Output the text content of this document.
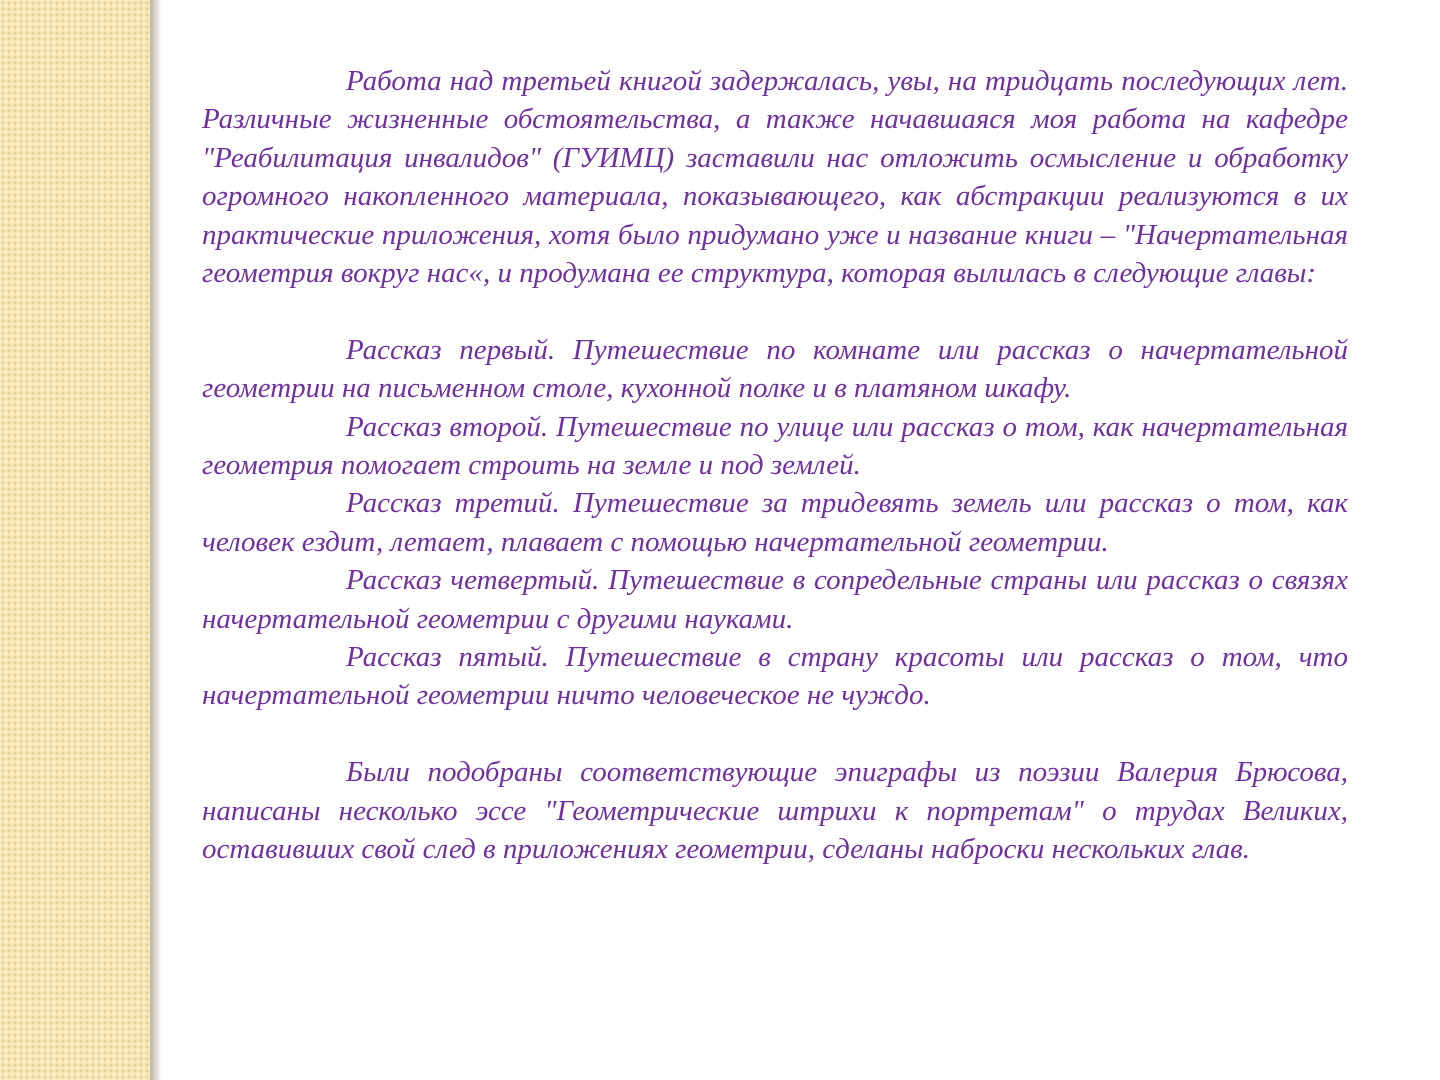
Работа над третьей книгой задержалась, увы, на тридцать последующих лет. Различные жизненные обстоятельства, а также начавшаяся моя работа на кафедре "Реабилитация инвалидов" (ГУИМЦ) заставили нас отложить осмысление и обработку огромного накопленного материала, показывающего, как абстракции реализуются в их практические приложения, хотя было придумано уже и название книги – "Начертательная геометрия вокруг нас«, и продумана ее структура, которая вылилась в следующие главы:

Рассказ первый. Путешествие по комнате или рассказ о начертательной геометрии на письменном столе, кухонной полке и в платяном шкафу.

Рассказ второй. Путешествие по улице или рассказ о том, как начертательная геометрия помогает строить на земле и под землей.

Рассказ третий. Путешествие за тридевять земель или рассказ о том, как человек ездит, летает, плавает с помощью начертательной геометрии.

Рассказ четвертый. Путешествие в сопредельные страны или рассказ о связях начертательной геометрии с другими науками.

Рассказ пятый. Путешествие в страну красоты или рассказ о том, что начертательной геометрии ничто человеческое не чуждо.

Были подобраны соответствующие эпиграфы из поэзии Валерия Брюсова, написаны несколько эссе "Геометрические штрихи к портретам" о трудах Великих, оставивших свой след в приложениях геометрии, сделаны наброски нескольких глав.
